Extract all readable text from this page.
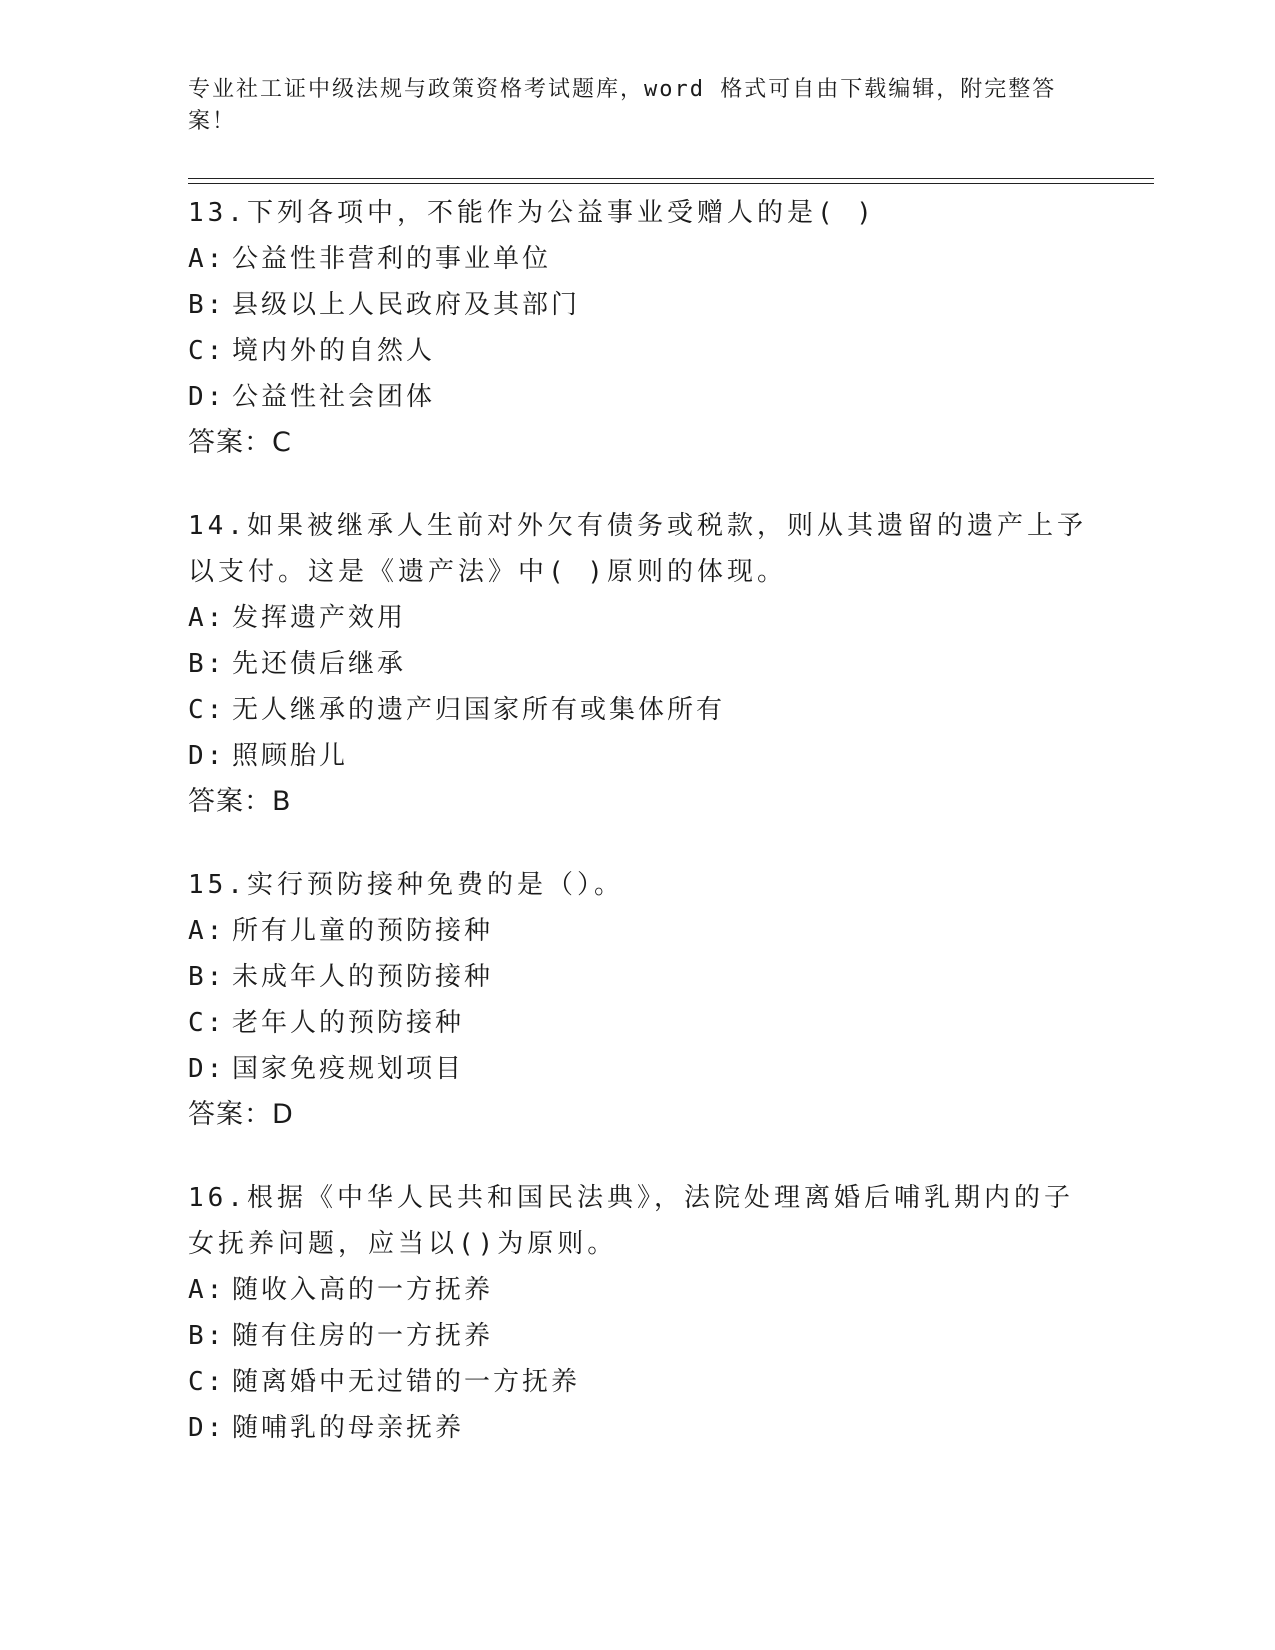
专业社工证中级法规与政策资格考试题库，word 格式可自由下载编辑，附完整答案！
13.下列各项中，不能作为公益事业受赠人的是( )
A: 公益性非营利的事业单位
B: 县级以上人民政府及其部门
C: 境内外的自然人
D: 公益性社会团体
答案：C
14.如果被继承人生前对外欠有债务或税款，则从其遗留的遗产上予以支付。这是《遗产法》中( )原则的体现。
A: 发挥遗产效用
B: 先还债后继承
C: 无人继承的遗产归国家所有或集体所有
D: 照顾胎儿
答案：B
15.实行预防接种免费的是（）。
A: 所有儿童的预防接种
B: 未成年人的预防接种
C: 老年人的预防接种
D: 国家免疫规划项目
答案：D
16.根据《中华人民共和国民法典》，法院处理离婚后哺乳期内的子女抚养问题，应当以()为原则。
A: 随收入高的一方抚养
B: 随有住房的一方抚养
C: 随离婚中无过错的一方抚养
D: 随哺乳的母亲抚养
